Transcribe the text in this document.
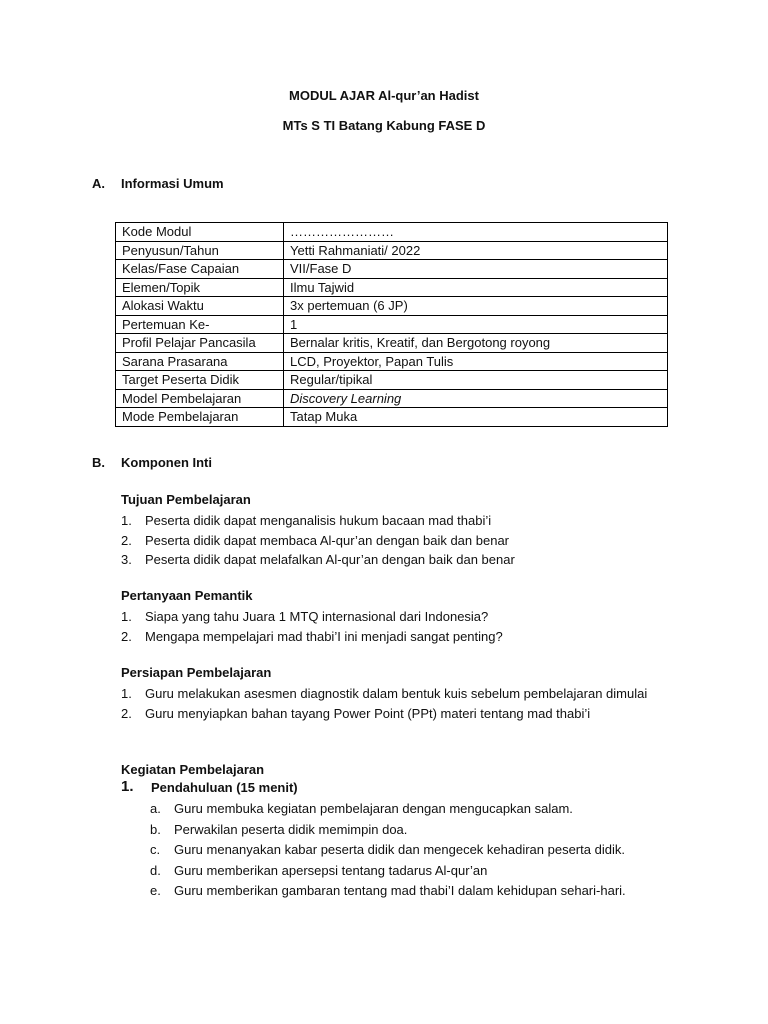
MODUL AJAR Al-qur’an Hadist
MTs S TI Batang Kabung FASE D
A. Informasi Umum
Kode Modul	……………………
Penyusun/Tahun	Yetti Rahmaniati/ 2022
Kelas/Fase Capaian	VII/Fase D
Elemen/Topik	Ilmu Tajwid
Alokasi Waktu	3x pertemuan (6 JP)
Pertemuan Ke-	1
Profil Pelajar Pancasila	Bernalar kritis, Kreatif, dan Bergotong royong
Sarana Prasarana	LCD, Proyektor, Papan Tulis
Target Peserta Didik	Regular/tipikal
Model Pembelajaran	Discovery Learning
Mode Pembelajaran	Tatap Muka
B. Komponen Inti
Tujuan Pembelajaran
1. Peserta didik dapat menganalisis hukum bacaan mad thabi’i
2. Peserta didik dapat membaca Al-qur’an dengan baik dan benar
3. Peserta didik dapat melafalkan Al-qur’an dengan baik dan benar
Pertanyaan Pemantik
1. Siapa yang tahu Juara 1 MTQ internasional dari Indonesia?
2. Mengapa mempelajari mad thabi’I ini menjadi sangat penting?
Persiapan Pembelajaran
1. Guru melakukan asesmen diagnostik dalam bentuk kuis sebelum pembelajaran dimulai
2. Guru menyiapkan bahan tayang Power Point (PPt) materi tentang mad thabi’i
Kegiatan Pembelajaran
1. Pendahuluan (15 menit)
a. Guru membuka kegiatan pembelajaran dengan mengucapkan salam.
b. Perwakilan peserta didik memimpin doa.
c. Guru menanyakan kabar peserta didik dan mengecek kehadiran peserta didik.
d. Guru memberikan apersepsi tentang tadarus Al-qur’an
e. Guru memberikan gambaran tentang mad thabi’I dalam kehidupan sehari-hari.
